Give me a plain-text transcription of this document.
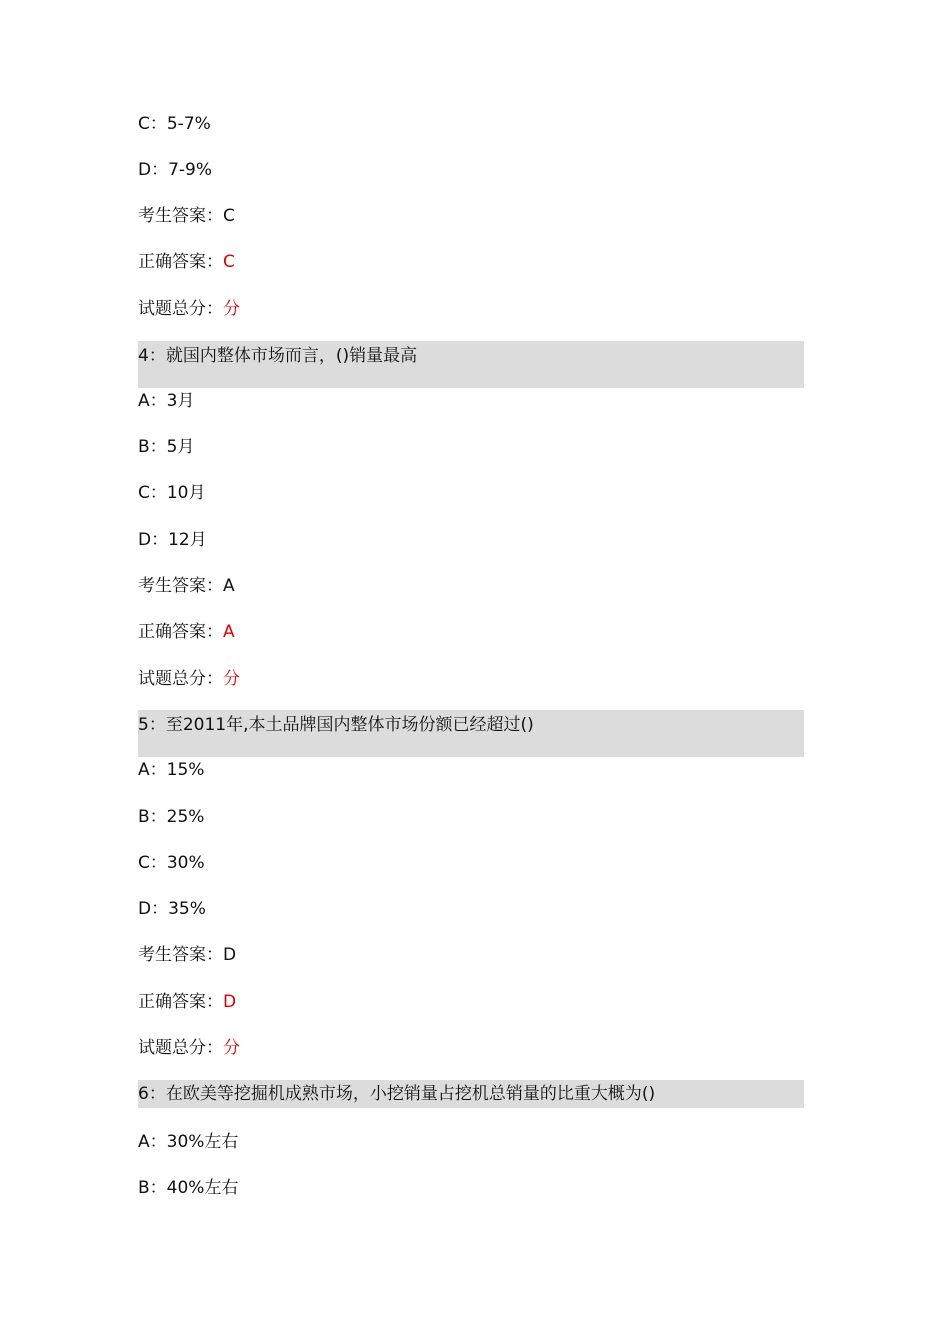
C：5-7%
D：7-9%
考生答案：C
正确答案：C
试题总分：分
4：就国内整体市场而言，()销量最高
A：3月
B：5月
C：10月
D：12月
考生答案：A
正确答案：A
试题总分：分
5：至2011年,本土品牌国内整体市场份额已经超过()
A：15%
B：25%
C：30%
D：35%
考生答案：D
正确答案：D
试题总分：分
6：在欧美等挖掘机成熟市场，小挖销量占挖机总销量的比重大概为()
A：30%左右
B：40%左右
